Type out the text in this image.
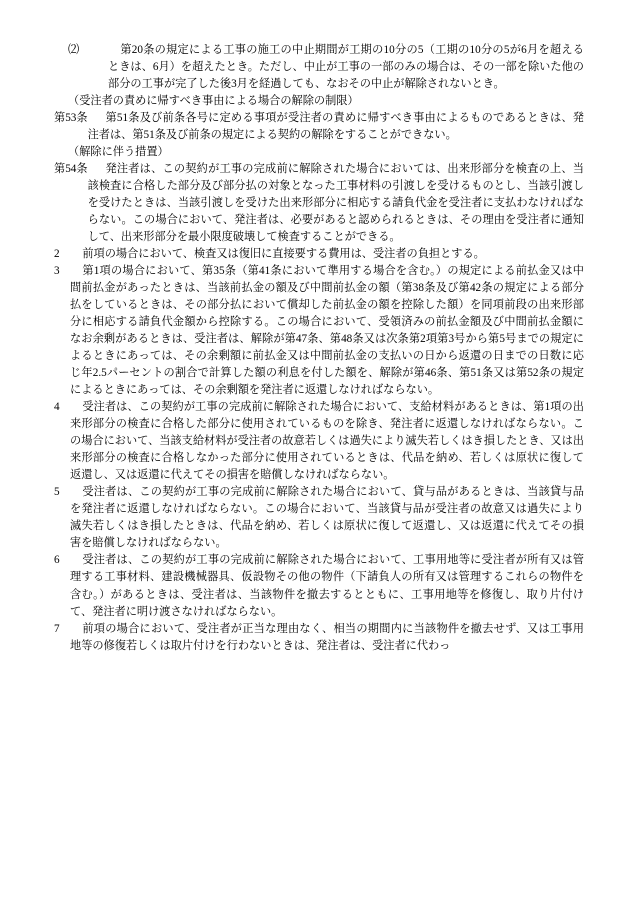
⑵	第20条の規定による工事の施工の中止期間が工期の10分の5（工期の10分の5が6月を超えるときは、6月）を超えたとき。ただし、中止が工事の一部のみの場合は、その一部を除いた他の部分の工事が完了した後3月を経過しても、なおその中止が解除されないとき。
（受注者の責めに帰すべき事由による場合の解除の制限）
第53条	第51条及び前条各号に定める事項が受注者の責めに帰すべき事由によるものであるときは、発注者は、第51条及び前条の規定による契約の解除をすることができない。
（解除に伴う措置）
第54条	発注者は、この契約が工事の完成前に解除された場合においては、出来形部分を検査の上、当該検査に合格した部分及び部分払の対象となった工事材料の引渡しを受けるものとし、当該引渡しを受けたときは、当該引渡しを受けた出来形部分に相応する請負代金を受注者に支払わなければならない。この場合において、発注者は、必要があると認められるときは、その理由を受注者に通知して、出来形部分を最小限度破壊して検査することができる。
2	前項の場合において、検査又は復旧に直接要する費用は、受注者の負担とする。
3	第1項の場合において、第35条（第41条において準用する場合を含む。）の規定による前払金又は中間前払金があったときは、当該前払金の額及び中間前払金の額（第38条及び第42条の規定による部分払をしているときは、その部分払において償却した前払金の額を控除した額）を同項前段の出来形部分に相応する請負代金額から控除する。この場合において、受領済みの前払金額及び中間前払金額になお余剰があるときは、受注者は、解除が第47条、第48条又は次条第2項第3号から第5号までの規定によるときにあっては、その余剰額に前払金又は中間前払金の支払いの日から返還の日までの日数に応じ年2.5パーセントの割合で計算した額の利息を付した額を、解除が第46条、第51条又は第52条の規定によるときにあっては、その余剰額を発注者に返還しなければならない。
4	受注者は、この契約が工事の完成前に解除された場合において、支給材料があるときは、第1項の出来形部分の検査に合格した部分に使用されているものを除き、発注者に返還しなければならない。この場合において、当該支給材料が受注者の故意若しくは過失により滅失若しくはき損したとき、又は出来形部分の検査に合格しなかった部分に使用されているときは、代品を納め、若しくは原状に復して返還し、又は返還に代えてその損害を賠償しなければならない。
5	受注者は、この契約が工事の完成前に解除された場合において、貸与品があるときは、当該貸与品を発注者に返還しなければならない。この場合において、当該貸与品が受注者の故意又は過失により滅失若しくはき損したときは、代品を納め、若しくは原状に復して返還し、又は返還に代えてその損害を賠償しなければならない。
6	受注者は、この契約が工事の完成前に解除された場合において、工事用地等に受注者が所有又は管理する工事材料、建設機械器具、仮設物その他の物件（下請負人の所有又は管理するこれらの物件を含む。）があるときは、受注者は、当該物件を撤去するとともに、工事用地等を修復し、取り片付けて、発注者に明け渡さなければならない。
7	前項の場合において、受注者が正当な理由なく、相当の期間内に当該物件を撤去せず、又は工事用地等の修復若しくは取片付けを行わないときは、発注者は、受注者に代わっ
